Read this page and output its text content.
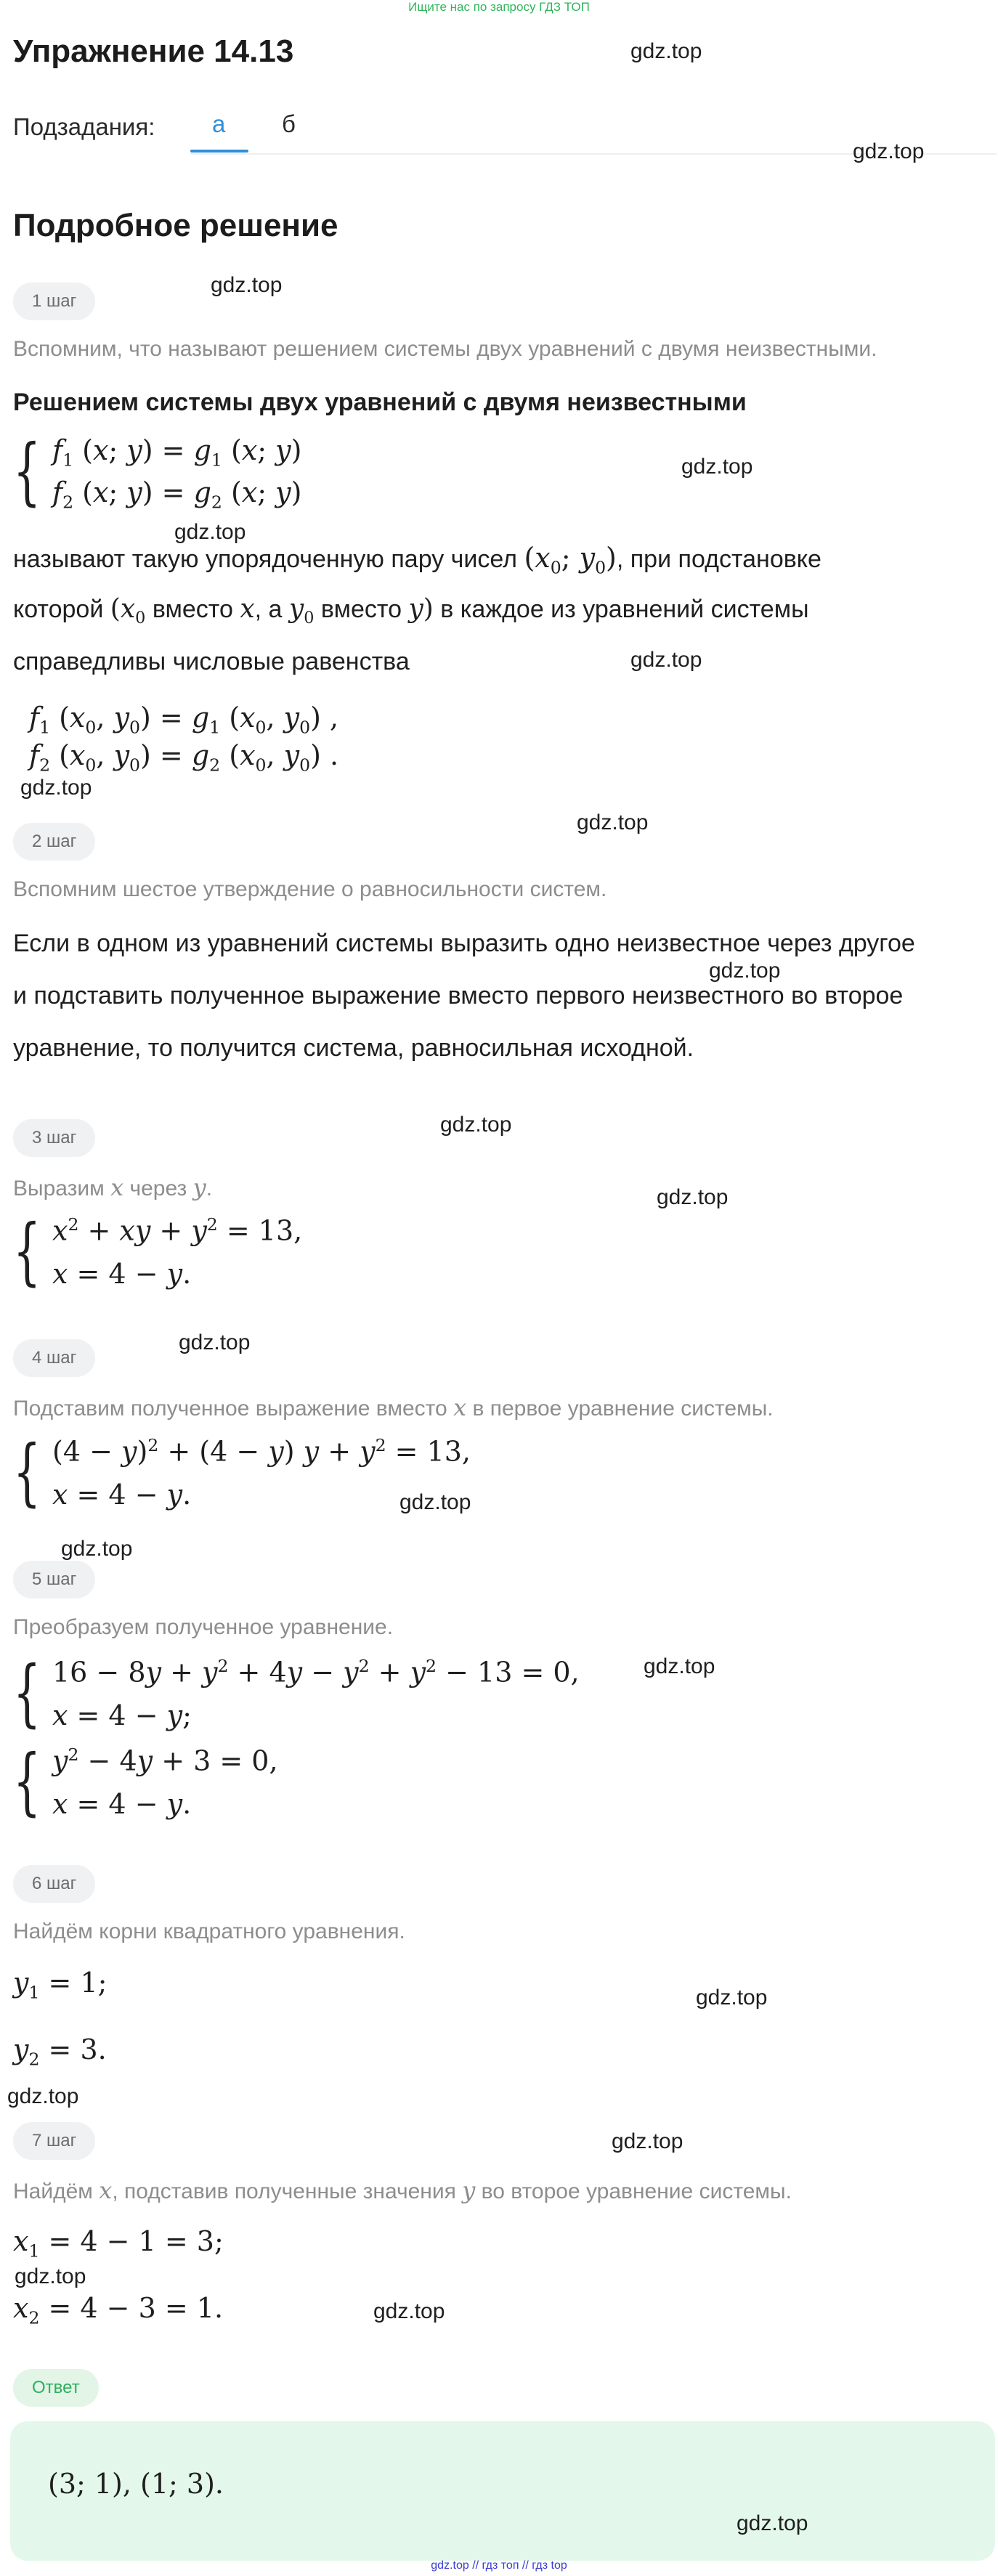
Ищите нас по запросу ГДЗ ТОП
Упражнение 14.13
Подзадания: а б
Подробное решение
1 шаг
Вспомним, что называют решением системы двух уравнений с двумя неизвестными.
Решением системы двух уравнений с двумя неизвестными
{ $f_1$ (x; $y) = g_1$ (x; y)
$f_2$ (x; $y) = g_2$ (x; y)
называют такую упорядоченную пару чисел ($x_0$; $y_0$), при подстановке
которой ($x_0$ вместо x, а $y_0$ вместо y) в каждое из уравнений системы
справедливы числовые равенства
$f_1$ ($x_0$, $y_0) = g_1$ ($x_0$, $y_0$) ,
$f_2$ ($x_0$, $y_0) = g_2$ ($x_0$, $y_0$) .
2 шаг
Вспомним шестое утверждение о равносильности систем.
Если в одном из уравнений системы выразить одно неизвестное через другое
и подставить полученное выражение вместо первого неизвестного во второе
уравнение, то получится система, равносильная исходной.
3 шаг
Выразим x через y.
{ $x^2$ + xy + $y^2 = 13$,
x = 4 − y.
4 шаг
Подставим полученное выражение вместо x в первое уравнение системы.
{ $(4 - y)^2 + (4 - y)$ $y + y^2 = 13$,
x = 4 − y.
5 шаг
Преобразуем полученное уравнение.
{ $16 - 8y + y^2 + 4y - y^2 + y^2 - 13 = 0$,
x = 4 − y;
{ $y^2 - 4y + 3 = 0$,
x = 4 − y.
6 шаг
Найдём корни квадратного уравнения.
$y_1 = 1$;
$y_2 = 3$.
7 шаг
Найдём x, подставив полученные значения y во второе уравнение системы.
$x_1 = 4 - 1 = 3$;
$x_2 = 4 - 3 = 1$.
Ответ
(3; 1), (1; 3).
gdz.top
gdz.top
gdz.top
gdz.top
gdz.top
gdz.top
gdz.top
gdz.top
gdz.top
gdz.top
gdz.top
gdz.top
gdz.top
gdz.top
gdz.top
gdz.top
gdz.top
gdz.top
gdz.top
gdz.top
gdz.top
gdz.top // гдз топ // гдз top
